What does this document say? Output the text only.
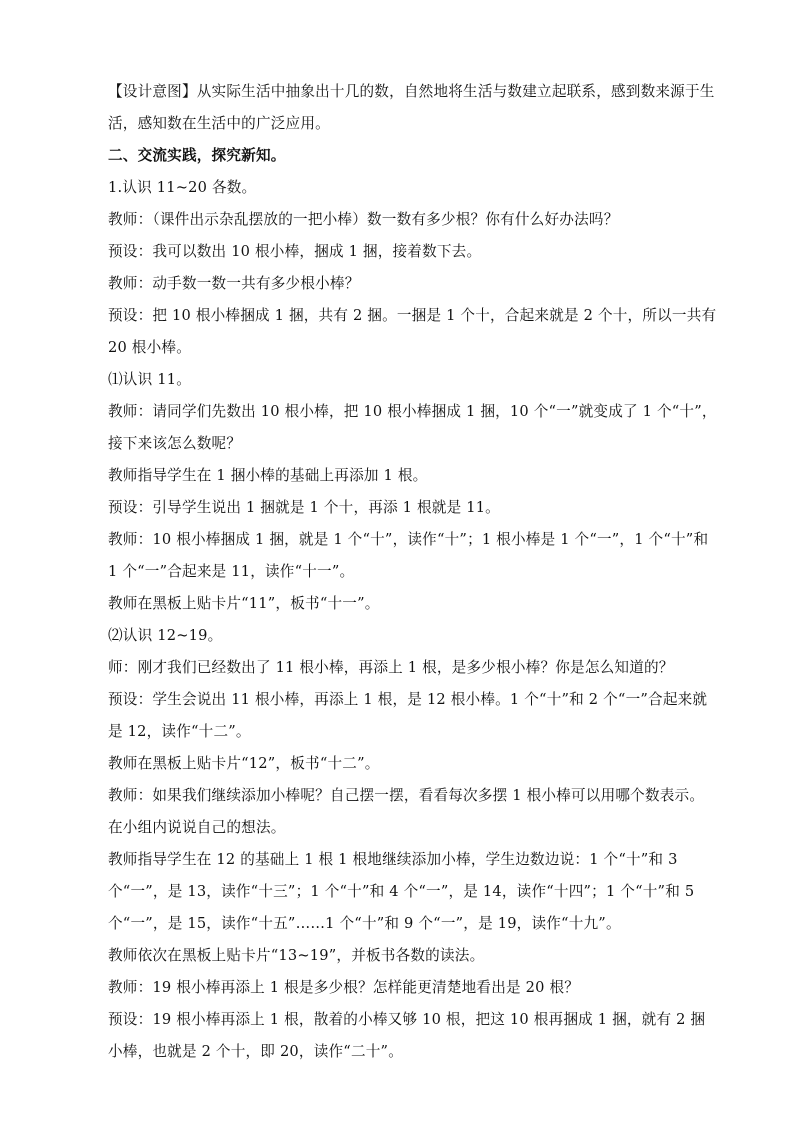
【设计意图】从实际生活中抽象出十几的数，自然地将生活与数建立起联系，感到数来源于生活，感知数在生活中的广泛应用。

二、交流实践，探究新知。

1.认识 11~20 各数。

教师：（课件出示杂乱摆放的一把小棒）数一数有多少根？你有什么好办法吗？

预设：我可以数出 10 根小棒，捆成 1 捆，接着数下去。

教师：动手数一数一共有多少根小棒？

预设：把 10 根小棒捆成 1 捆，共有 2 捆。一捆是 1 个十，合起来就是 2 个十，所以一共有 20 根小棒。

⑴认识 11。

教师：请同学们先数出 10 根小棒，把 10 根小棒捆成 1 捆，10 个“一”就变成了 1 个“十”，接下来该怎么数呢？

教师指导学生在 1 捆小棒的基础上再添加 1 根。

预设：引导学生说出 1 捆就是 1 个十，再添 1 根就是 11。

教师：10 根小棒捆成 1 捆，就是 1 个“十”，读作“十”；1 根小棒是 1 个“一”，1 个“十”和 1 个“一”合起来是 11，读作“十一”。

教师在黑板上贴卡片“11”，板书“十一”。

⑵认识 12~19。

师：刚才我们已经数出了 11 根小棒，再添上 1 根，是多少根小棒？你是怎么知道的？

预设：学生会说出 11 根小棒，再添上 1 根，是 12 根小棒。1 个“十”和 2 个“一”合起来就是 12，读作“十二”。

教师在黑板上贴卡片“12”，板书“十二”。

教师：如果我们继续添加小棒呢？自己摆一摆，看看每次多摆 1 根小棒可以用哪个数表示。在小组内说说自己的想法。

教师指导学生在 12 的基础上 1 根 1 根地继续添加小棒，学生边数边说：1 个“十”和 3 个“一”，是 13，读作“十三”；1 个“十”和 4 个“一”，是 14，读作“十四”；1 个“十”和 5 个“一”，是 15，读作“十五”……1 个“十”和 9 个“一”，是 19，读作“十九”。

教师依次在黑板上贴卡片“13~19”，并板书各数的读法。

教师：19 根小棒再添上 1 根是多少根？怎样能更清楚地看出是 20 根？

预设：19 根小棒再添上 1 根，散着的小棒又够 10 根，把这 10 根再捆成 1 捆，就有 2 捆小棒，也就是 2 个十，即 20，读作“二十”。
